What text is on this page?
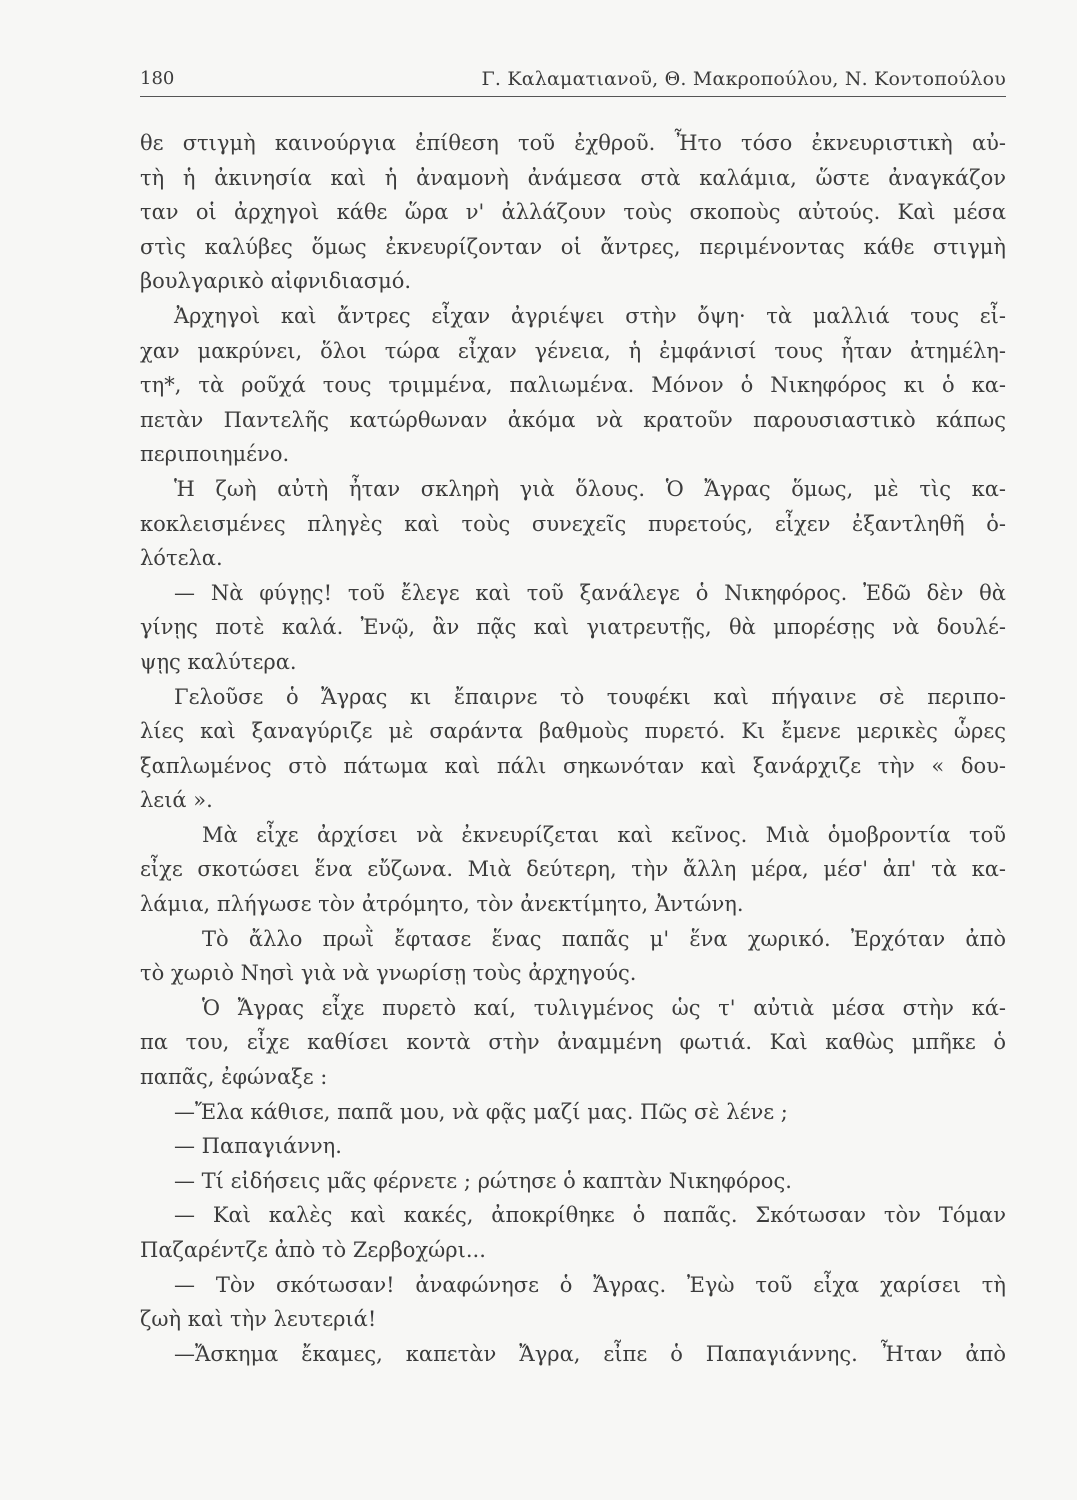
180	Γ. Καλαματιανοῦ, Θ. Μακροπούλου, Ν. Κοντοπούλου
θε στιγμὴ καινούργια ἐπίθεση τοῦ ἐχθροῦ. Ἦτο τόσο ἐκνευριστικὴ αὐ-
τὴ ἡ ἀκινησία καὶ ἡ ἀναμονὴ ἀνάμεσα στὰ καλάμια, ὥστε ἀναγκάζον
ταν οἱ ἀρχηγοὶ κάθε ὥρα ν' ἀλλάζουν τοὺς σκοποὺς αὐτούς. Καὶ μέσα
στὶς καλύβες ὅμως ἐκνευρίζονταν οἱ ἄντρες, περιμένοντας κάθε στιγμὴ
βουλγαρικὸ αἰφνιδιασμό.
Ἀρχηγοὶ καὶ ἄντρες εἶχαν ἀγριέψει στὴν ὄψη· τὰ μαλλιά τους εἶ-
χαν μακρύνει, ὅλοι τώρα εἶχαν γένεια, ἡ ἐμφάνισί τους ἦταν ἀτημέλη-
τη*, τὰ ροῦχά τους τριμμένα, παλιωμένα. Μόνον ὁ Νικηφόρος κι ὁ κα-
πετὰν Παντελῆς κατώρθωναν ἀκόμα νὰ κρατοῦν παρουσιαστικὸ κάπως
περιποιημένο.
Ἡ ζωὴ αὐτὴ ἦταν σκληρὴ γιὰ ὅλους. Ὁ Ἄγρας ὅμως, μὲ τὶς κα-
κοκλεισμένες πληγὲς καὶ τοὺς συνεχεῖς πυρετούς, εἶχεν ἐξαντληθῆ ὁ-
λότελα.
— Νὰ φύγῃς! τοῦ ἔλεγε καὶ τοῦ ξανάλεγε ὁ Νικηφόρος. Ἐδῶ δὲν θὰ
γίνῃς ποτὲ καλά. Ἐνῷ, ἂν πᾷς καὶ γιατρευτῇς, θὰ μπορέσῃς νὰ δουλέ-
ψῃς καλύτερα.
Γελοῦσε ὁ Ἄγρας κι ἔπαιρνε τὸ τουφέκι καὶ πήγαινε σὲ περιπο-
λίες καὶ ξαναγύριζε μὲ σαράντα βαθμοὺς πυρετό. Κι ἔμενε μερικὲς ὧρες
ξαπλωμένος στὸ πάτωμα καὶ πάλι σηκωνόταν καὶ ξανάρχιζε τὴν « δου-
λειά ».
Μὰ εἶχε ἀρχίσει νὰ ἐκνευρίζεται καὶ κεῖνος. Μιὰ ὁμοβροντία τοῦ
εἶχε σκοτώσει ἕνα εὔζωνα. Μιὰ δεύτερη, τὴν ἄλλη μέρα, μέσ' ἀπ' τὰ κα-
λάμια, πλήγωσε τὸν ἀτρόμητο, τὸν ἀνεκτίμητο, Ἀντώνη.
Τὸ ἄλλο πρωῒ ἔφτασε ἕνας παπᾶς μ' ἕνα χωρικό. Ἐρχόταν ἀπὸ
τὸ χωριὸ Νησὶ γιὰ νὰ γνωρίσῃ τοὺς ἀρχηγούς.
Ὁ Ἄγρας εἶχε πυρετὸ καί, τυλιγμένος ὡς τ' αὐτιὰ μέσα στὴν κά-
πα του, εἶχε καθίσει κοντὰ στὴν ἀναμμένη φωτιά. Καὶ καθὼς μπῆκε ὁ
παπᾶς, ἐφώναξε :
—Ἔλα κάθισε, παπᾶ μου, νὰ φᾷς μαζί μας. Πῶς σὲ λένε ;
— Παπαγιάννη.
— Τί εἰδήσεις μᾶς φέρνετε ; ρώτησε ὁ καπτὰν Νικηφόρος.
— Καὶ καλὲς καὶ κακές, ἀποκρίθηκε ὁ παπᾶς. Σκότωσαν τὸν Τόμαν
Παζαρέντζε ἀπὸ τὸ Ζερβοχώρι...
— Τὸν σκότωσαν! ἀναφώνησε ὁ Ἄγρας. Ἐγὼ τοῦ εἶχα χαρίσει τὴ
ζωὴ καὶ τὴν λευτεριά!
—Ἄσκημα ἔκαμες, καπετὰν Ἄγρα, εἶπε ὁ Παπαγιάννης. Ἦταν ἀπὸ
